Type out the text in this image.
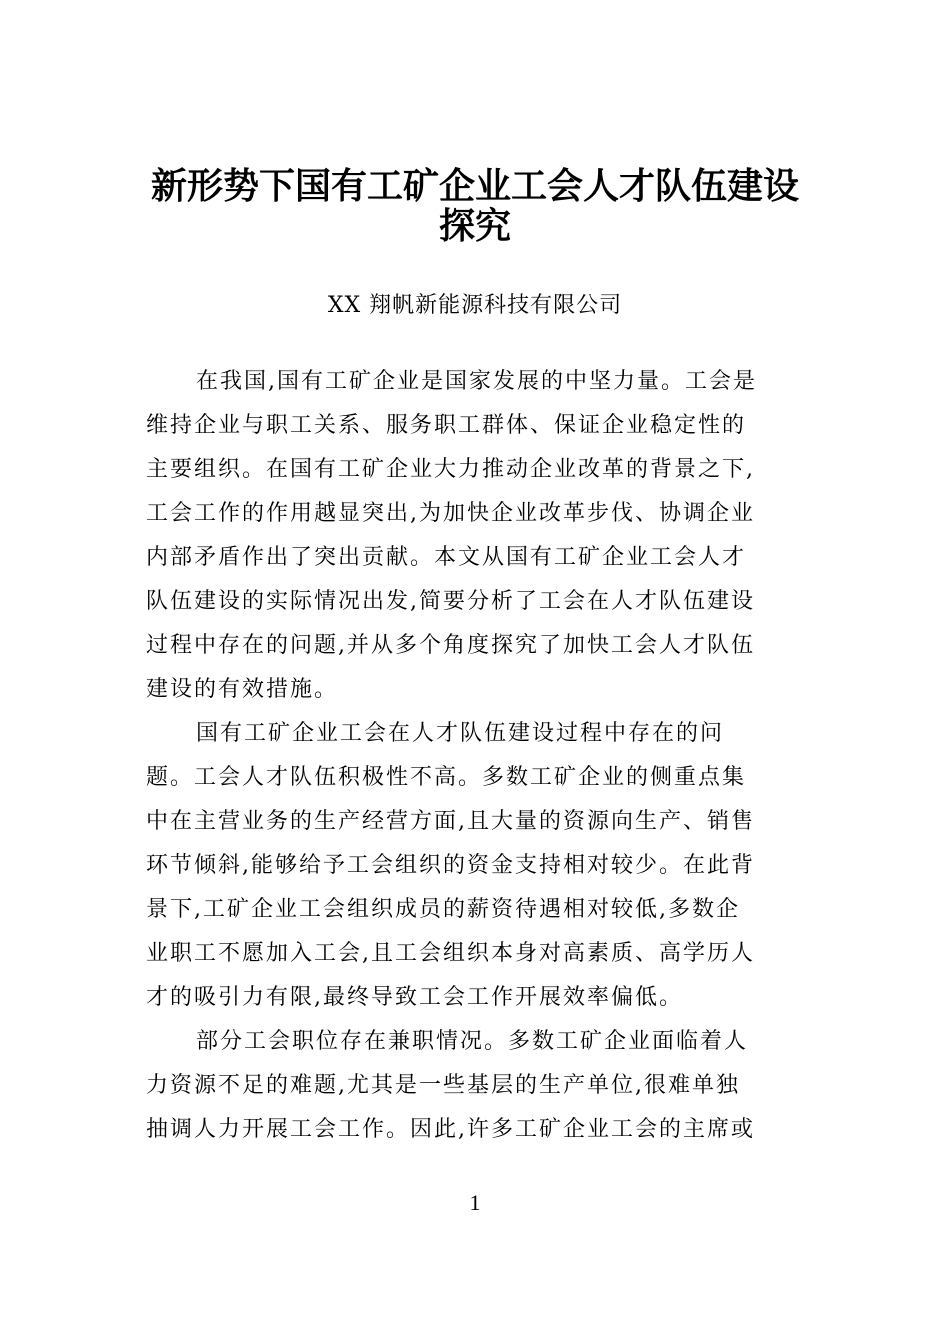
新形势下国有工矿企业工会人才队伍建设
探究

XX 翔帆新能源科技有限公司

在我国,国有工矿企业是国家发展的中坚力量。工会是
维持企业与职工关系、服务职工群体、保证企业稳定性的
主要组织。在国有工矿企业大力推动企业改革的背景之下,
工会工作的作用越显突出,为加快企业改革步伐、协调企业
内部矛盾作出了突出贡献。本文从国有工矿企业工会人才
队伍建设的实际情况出发,简要分析了工会在人才队伍建设
过程中存在的问题,并从多个角度探究了加快工会人才队伍
建设的有效措施。

国有工矿企业工会在人才队伍建设过程中存在的问
题。工会人才队伍积极性不高。多数工矿企业的侧重点集
中在主营业务的生产经营方面,且大量的资源向生产、销售
环节倾斜,能够给予工会组织的资金支持相对较少。在此背
景下,工矿企业工会组织成员的薪资待遇相对较低,多数企
业职工不愿加入工会,且工会组织本身对高素质、高学历人
才的吸引力有限,最终导致工会工作开展效率偏低。

部分工会职位存在兼职情况。多数工矿企业面临着人
力资源不足的难题,尤其是一些基层的生产单位,很难单独
抽调人力开展工会工作。因此,许多工矿企业工会的主席或

1
